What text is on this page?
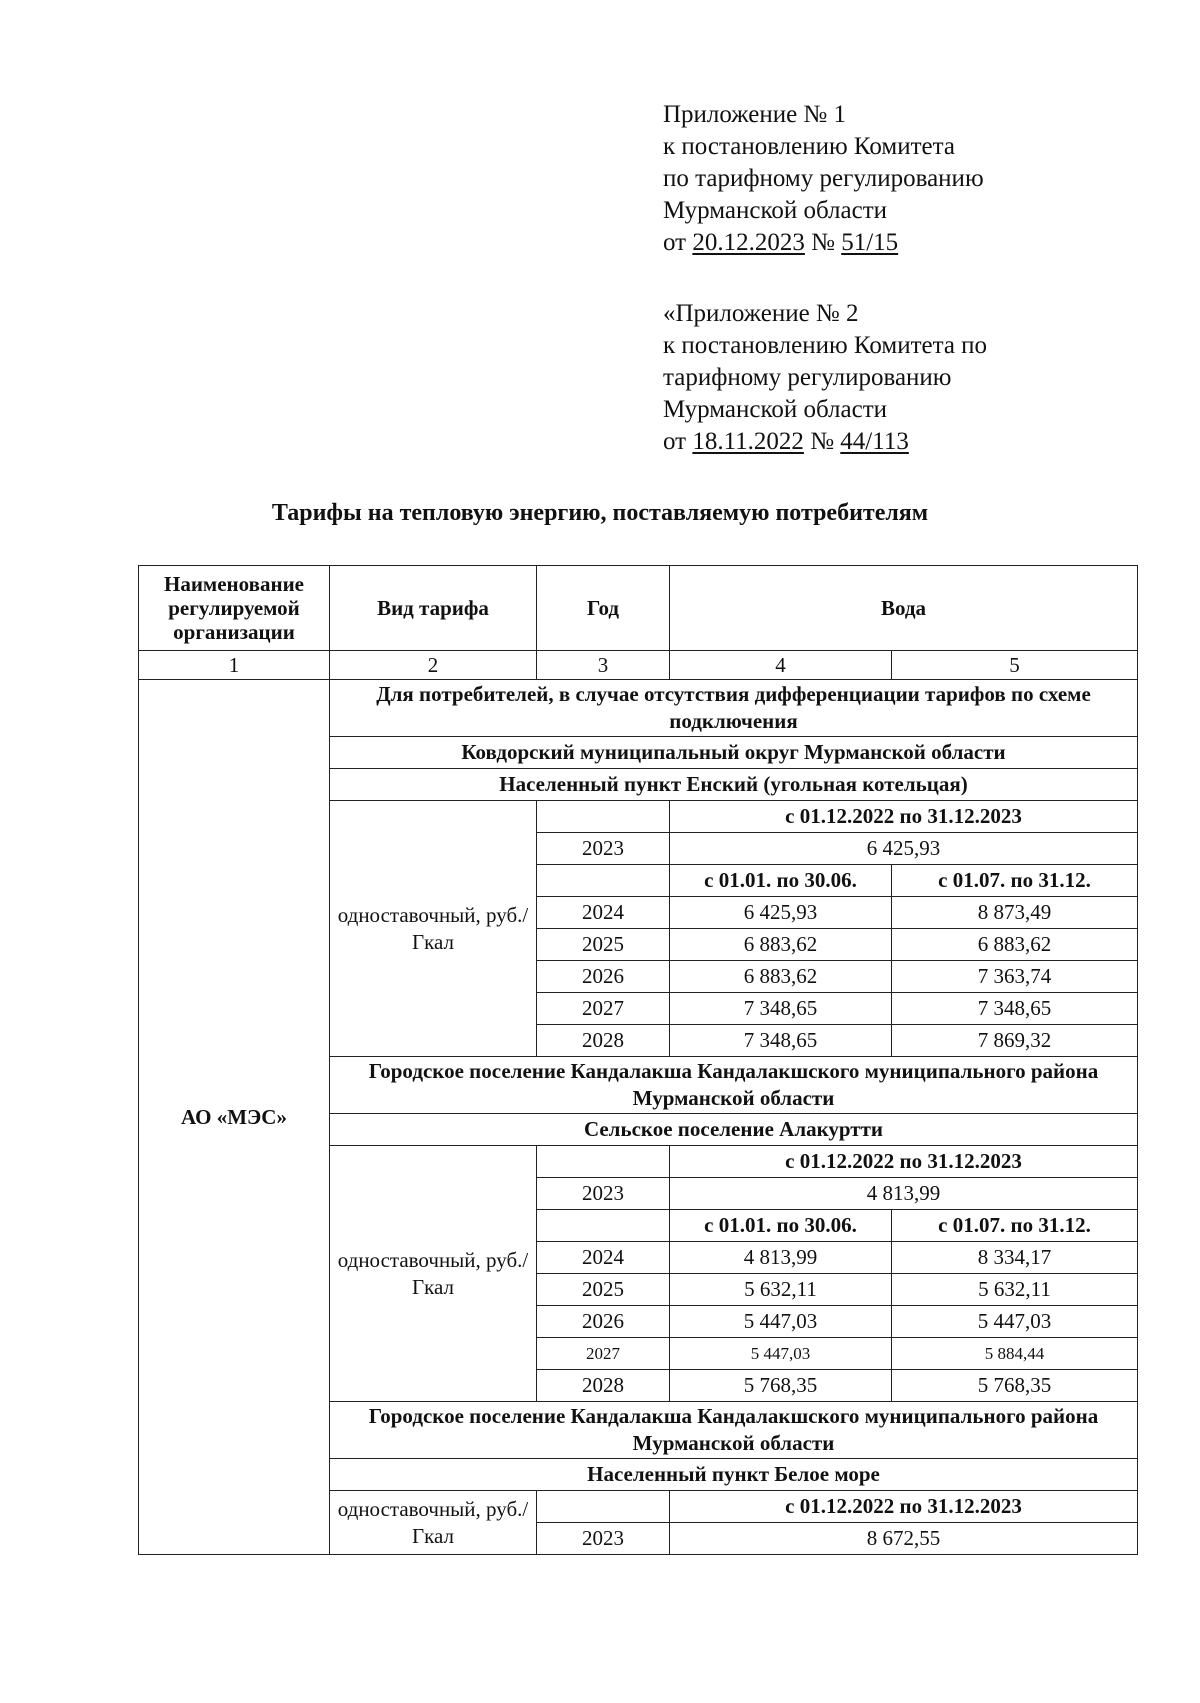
Приложение № 1
к постановлению Комитета
по тарифному регулированию
Мурманской области
от 20.12.2023 № 51/15
«Приложение № 2
к постановлению Комитета по
тарифному регулированию
Мурманской области
от 18.11.2022 № 44/113
Тарифы на тепловую энергию, поставляемую потребителям
Наименование регулируемой организации	Вид тарифа	Год	Вода	
1	2	3	4	5
АО «МЭС»	Для потребителей, в случае отсутствия дифференциации тарифов по схеме подключения			
	Ковдорский муниципальный округ Мурманской области			
	Населенный пункт Енский (угольная котельцая)			
	одноставочный, руб./Гкал		с 01.12.2022 по 31.12.2023	
		2023	6 425,93	
			с 01.01. по 30.06.	с 01.07. по 31.12.
		2024	6 425,93	8 873,49
		2025	6 883,62	6 883,62
		2026	6 883,62	7 363,74
		2027	7 348,65	7 348,65
		2028	7 348,65	7 869,32
	Городское поселение Кандалакша Кандалакшского муниципального района Мурманской области			
	Сельское поселение Алакуртти			
	одноставочный, руб./Гкал		с 01.12.2022 по 31.12.2023	
		2023	4 813,99	
			с 01.01. по 30.06.	с 01.07. по 31.12.
		2024	4 813,99	8 334,17
		2025	5 632,11	5 632,11
		2026	5 447,03	5 447,03
		2027	5 447,03	5 884,44
		2028	5 768,35	5 768,35
	Городское поселение Кандалакша Кандалакшского муниципального района Мурманской области			
	Населенный пункт Белое море			
	одноставочный, руб./Гкал		с 01.12.2022 по 31.12.2023	
		2023	8 672,55	
